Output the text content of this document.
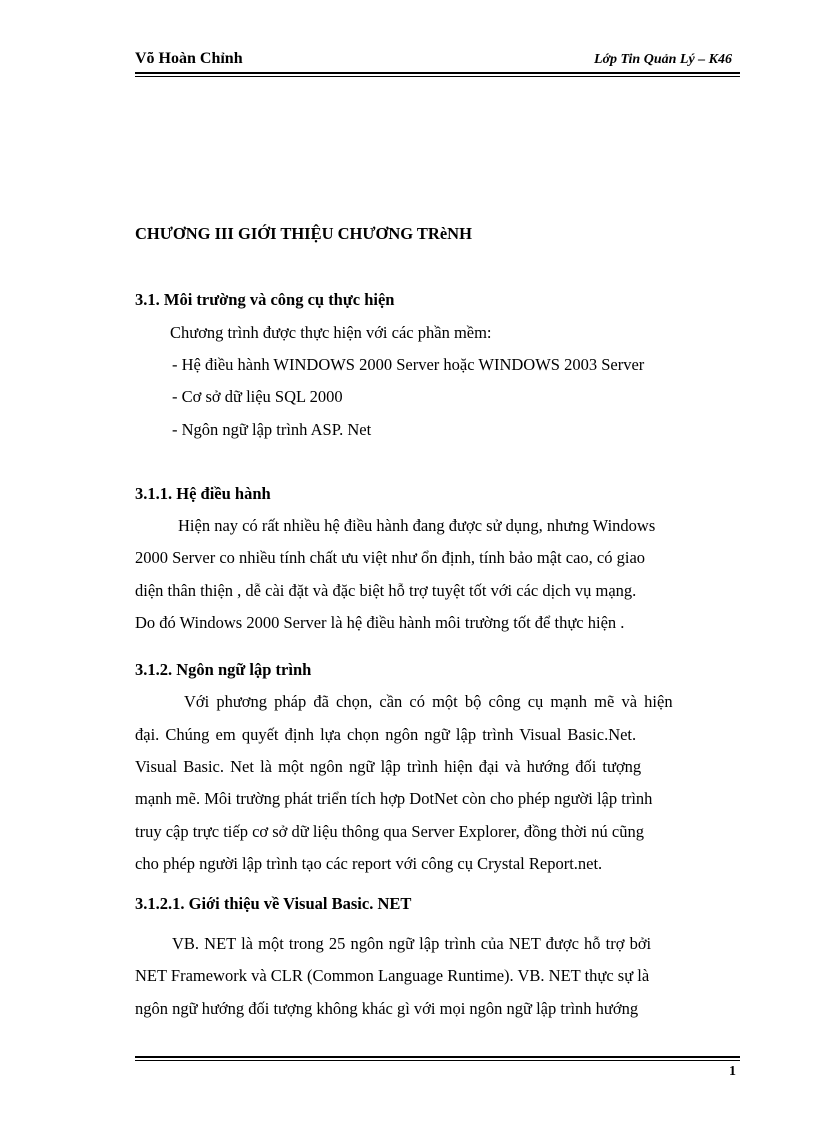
Võ Hoàn Chỉnh	Lớp Tin Quản Lý – K46
CHƯƠNG III GIỚI THIỆU CHƯƠNG TRèNH
3.1. Môi trường và công cụ thực hiện
Chương trình được thực hiện với các phần mềm:
- Hệ điều hành WINDOWS 2000 Server hoặc WINDOWS 2003 Server
- Cơ sở dữ liệu SQL 2000
- Ngôn ngữ lập trình ASP. Net
3.1.1. Hệ điều hành
Hiện nay có rất nhiều hệ điều hành đang được sử dụng, nhưng Windows
2000 Server co nhiều tính chất ưu việt như ổn định, tính bảo mật cao, có giao
diện thân thiện , dễ cài đặt và đặc biệt hỗ trợ tuyệt tốt với các dịch vụ mạng.
Do đó Windows 2000 Server là hệ điều hành môi trường tốt để thực hiện .
3.1.2. Ngôn ngữ lập trình
Với phương pháp đã chọn, cần có một bộ công cụ mạnh mẽ và hiện
đại. Chúng em quyết định lựa chọn ngôn ngữ lập trình Visual Basic.Net.
Visual Basic. Net là một ngôn ngữ lập trình hiện đại và hướng đối tượng
mạnh mẽ. Môi trường phát triển tích hợp DotNet còn cho phép người lập trình
truy cập trực tiếp cơ sở dữ liệu thông qua Server Explorer, đồng thời nú cũng
cho phép người lập trình tạo các report với công cụ Crystal Report.net.
3.1.2.1. Giới thiệu về Visual Basic. NET
VB. NET là một trong 25 ngôn ngữ lập trình của NET được hỗ trợ bởi
NET Framework và CLR (Common Language Runtime). VB. NET thực sự là
ngôn ngữ hướng đối tượng không khác gì với mọi ngôn ngữ lập trình hướng
1
